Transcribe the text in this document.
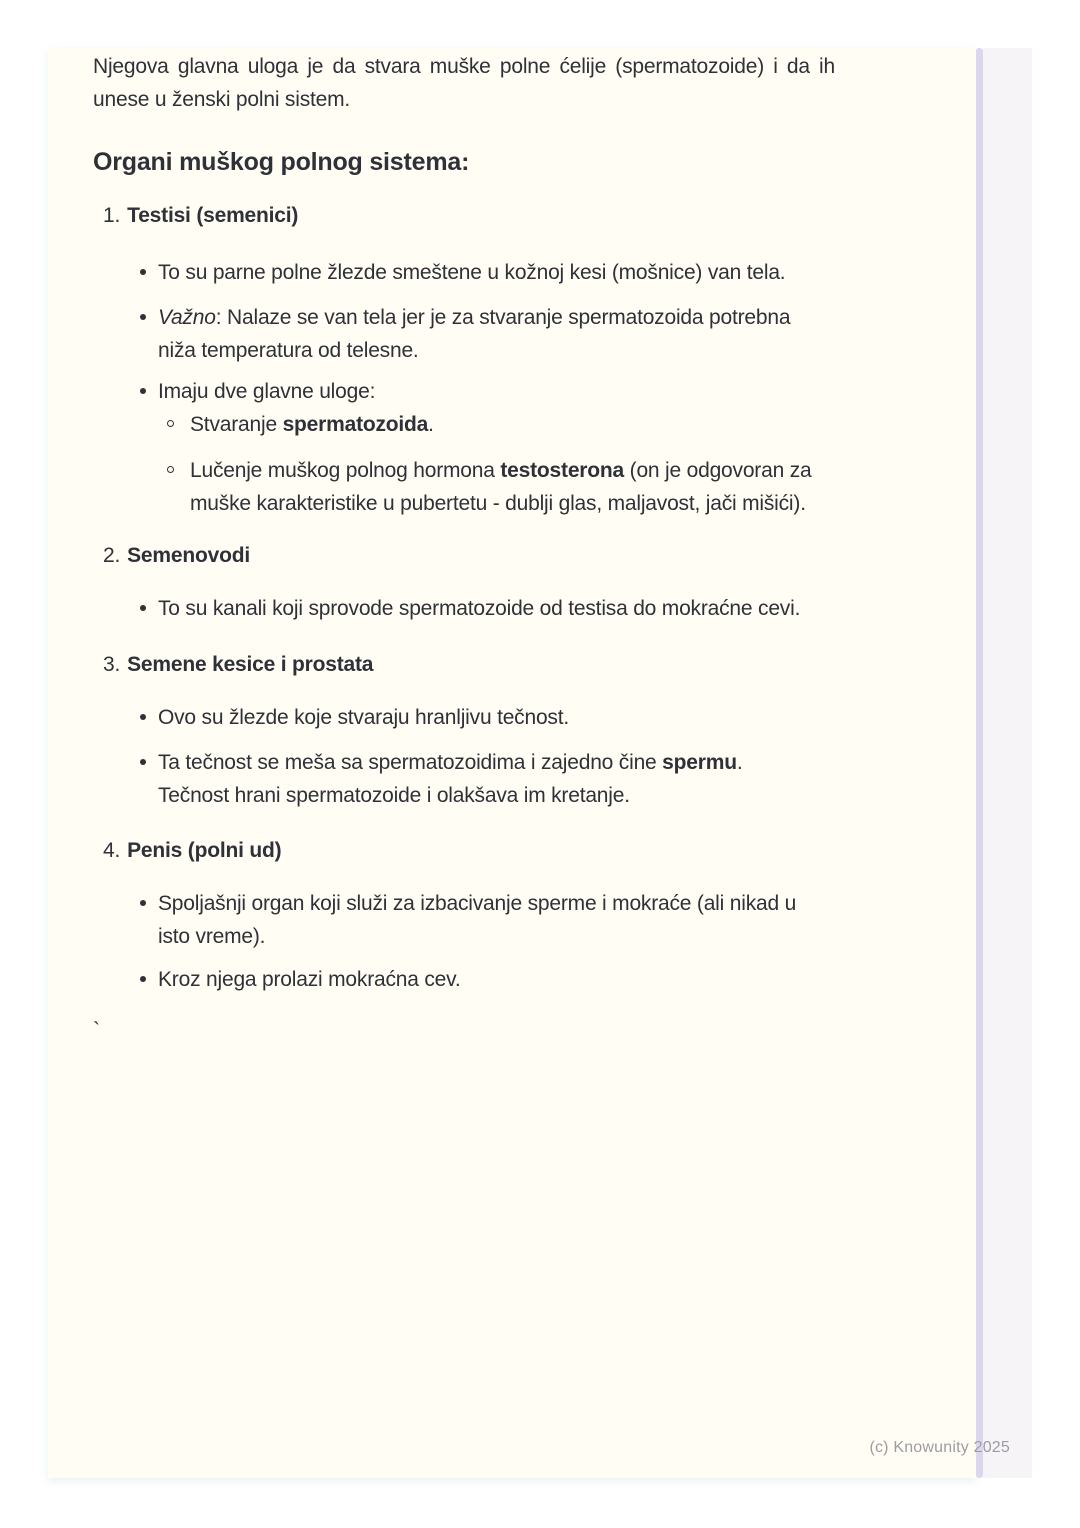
Njegova glavna uloga je da stvara muške polne ćelije (spermatozoide) i da ih
unese u ženski polni sistem.
Organi muškog polnog sistema:
1. Testisi (semenici)
To su parne polne žlezde smeštene u kožnoj kesi (mošnice) van tela.
Važno: Nalaze se van tela jer je za stvaranje spermatozoida potrebna
niža temperatura od telesne.
Imaju dve glavne uloge:
Stvaranje spermatozoida.
Lučenje muškog polnog hormona testosterona (on je odgovoran za
muške karakteristike u pubertetu - dublji glas, maljavost, jači mišići).
2. Semenovodi
To su kanali koji sprovode spermatozoide od testisa do mokraćne cevi.
3. Semene kesice i prostata
Ovo su žlezde koje stvaraju hranljivu tečnost.
Ta tečnost se meša sa spermatozoidima i zajedno čine spermu.
Tečnost hrani spermatozoide i olakšava im kretanje.
4. Penis (polni ud)
Spoljašnji organ koji služi za izbacivanje sperme i mokraće (ali nikad u
isto vreme).
Kroz njega prolazi mokraćna cev.
`
(c) Knowunity 2025
